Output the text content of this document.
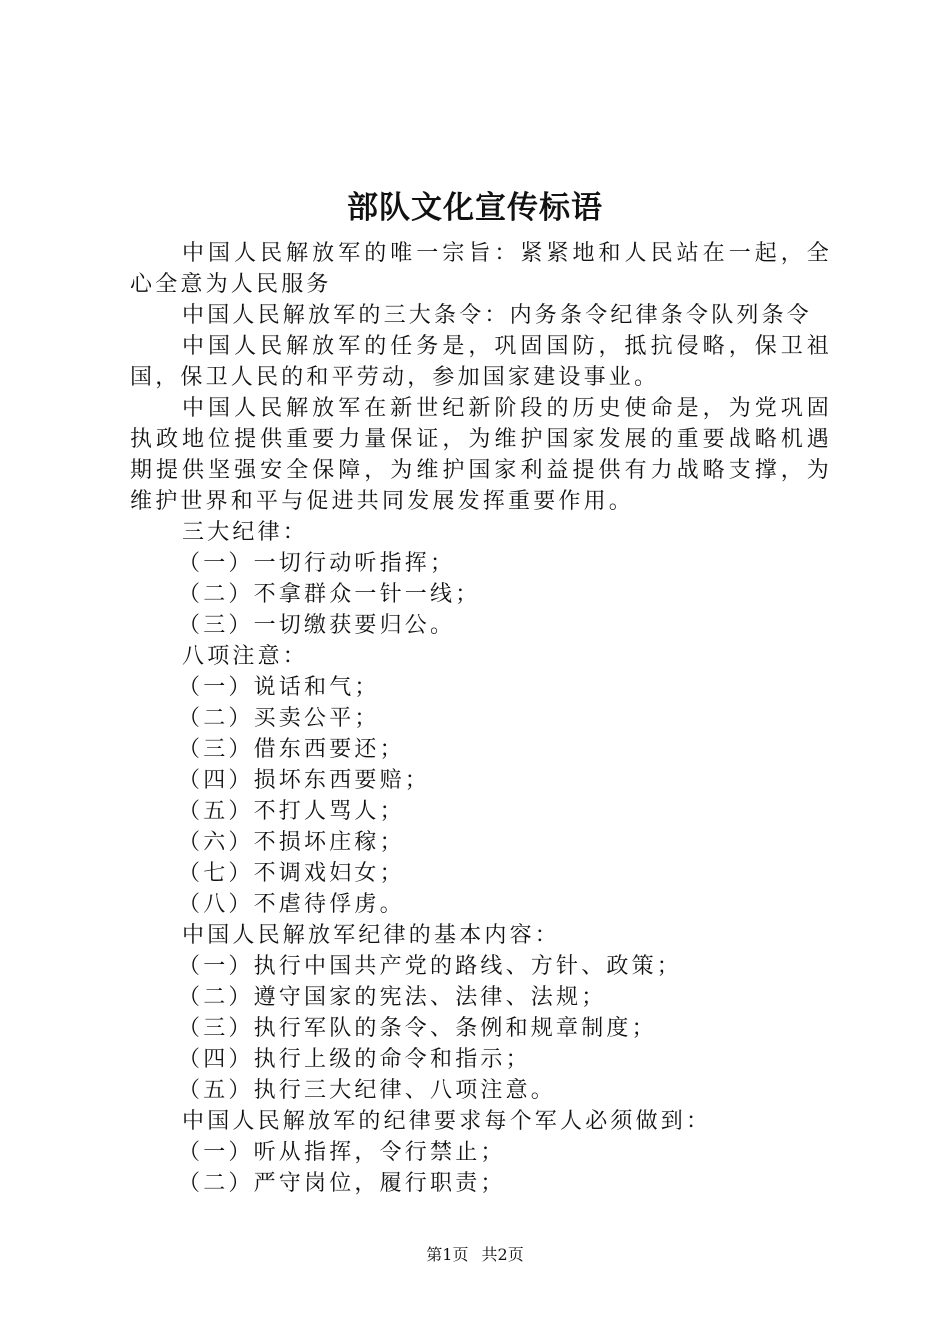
部队文化宣传标语

中国人民解放军的唯一宗旨：紧紧地和人民站在一起，全心全意为人民服务

中国人民解放军的三大条令：内务条令纪律条令队列条令

中国人民解放军的任务是，巩固国防，抵抗侵略，保卫祖国，保卫人民的和平劳动，参加国家建设事业。

中国人民解放军在新世纪新阶段的历史使命是，为党巩固执政地位提供重要力量保证，为维护国家发展的重要战略机遇期提供坚强安全保障，为维护国家利益提供有力战略支撑，为维护世界和平与促进共同发展发挥重要作用。

三大纪律：

（一）一切行动听指挥；

（二）不拿群众一针一线；

（三）一切缴获要归公。

八项注意：

（一）说话和气；

（二）买卖公平；

（三）借东西要还；

（四）损坏东西要赔；

（五）不打人骂人；

（六）不损坏庄稼；

（七）不调戏妇女；

（八）不虐待俘虏。

中国人民解放军纪律的基本内容：

（一）执行中国共产党的路线、方针、政策；

（二）遵守国家的宪法、法律、法规；

（三）执行军队的条令、条例和规章制度；

（四）执行上级的命令和指示；

（五）执行三大纪律、八项注意。

中国人民解放军的纪律要求每个军人必须做到：

（一）听从指挥，令行禁止；

（二）严守岗位，履行职责；

第1页 共2页
